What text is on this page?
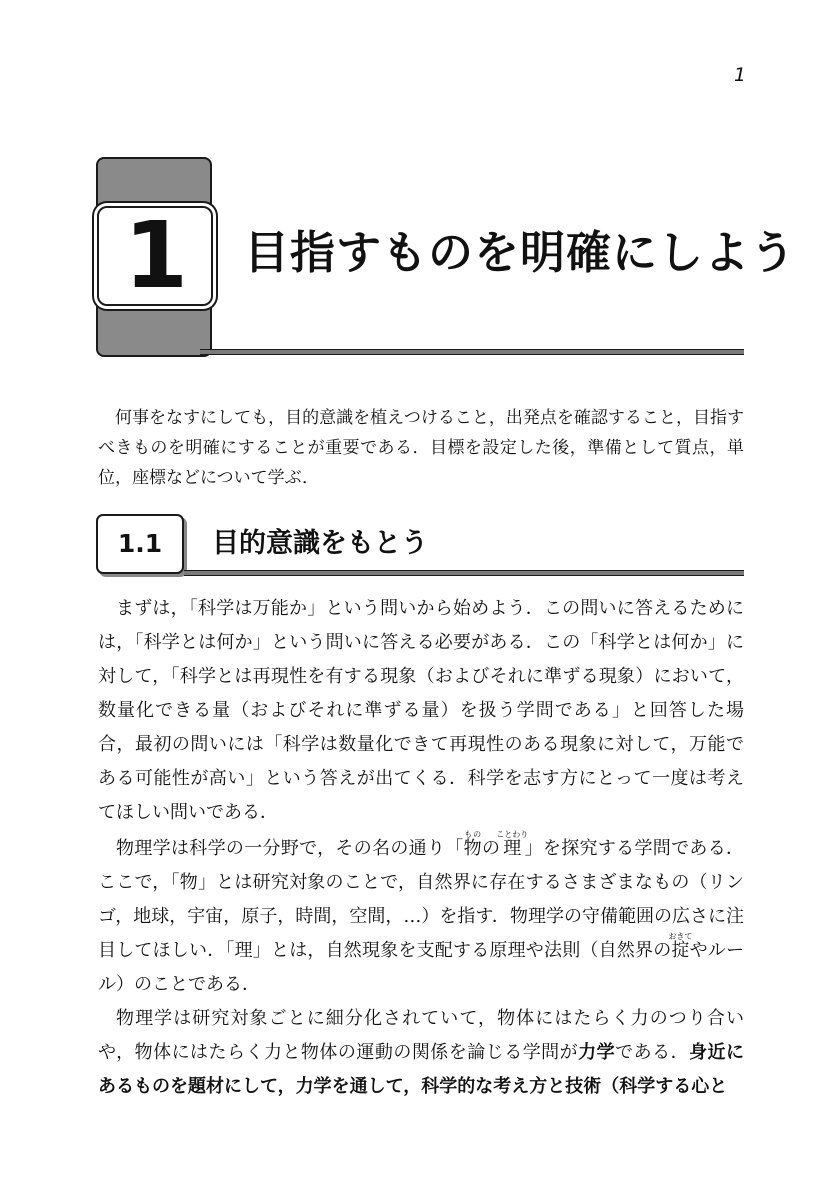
1
1 目指すものを明確にしよう

何事をなすにしても，目的意識を植えつけること，出発点を確認すること，目指すべきものを明確にすることが重要である．目標を設定した後，準備として質点，単位，座標などについて学ぶ．

1.1	目的意識をもとう

まずは，「科学は万能か」という問いから始めよう．この問いに答えるためには，「科学とは何か」という問いに答える必要がある．この「科学とは何か」に対して，「科学とは再現性を有する現象（およびそれに準ずる現象）において，数量化できる量（およびそれに準ずる量）を扱う学問である」と回答した場合，最初の問いには「科学は数量化できて再現性のある現象に対して，万能である可能性が高い」という答えが出てくる．科学を志す方にとって一度は考えてほしい問いである．

物理学は科学の一分野で，その名の通り「物ものの理ことわり」を探究する学問である．ここで，「物」とは研究対象のことで，自然界に存在するさまざまなもの（リンゴ，地球，宇宙，原子，時間，空間，…）を指す．物理学の守備範囲の広さに注目してほしい．「理」とは，自然現象を支配する原理や法則（自然界の掟おきてやルール）のことである．

物理学は研究対象ごとに細分化されていて，物体にはたらく力のつり合いや，物体にはたらく力と物体の運動の関係を論じる学問が力学である．身近にあるものを題材にして，力学を通して，科学的な考え方と技術（科学する心と
